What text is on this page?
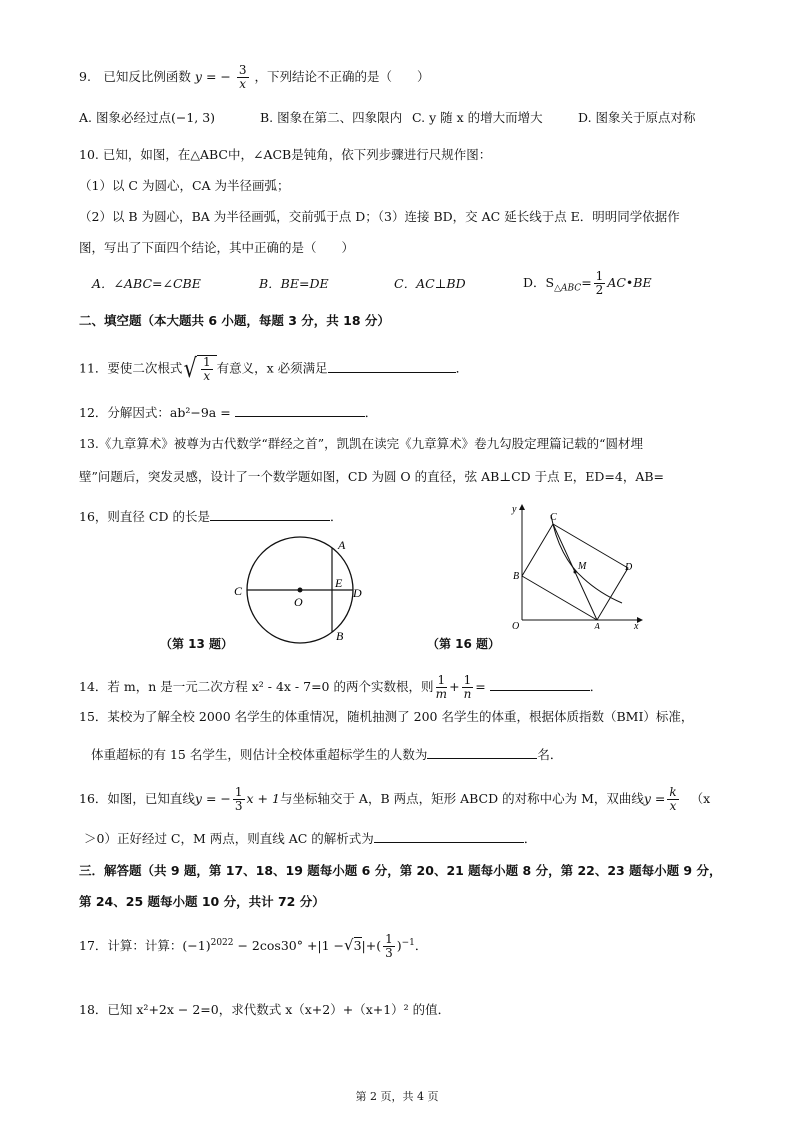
9.　已知反比例函数 y = − $\frac{3}{x}$ ，下列结论不正确的是（　　）
A. 图象必经过点(−1, 3)	B. 图象在第二、四象限内 C. y 随 x 的增大而增大	D. 图象关于原点对称
10. 已知，如图，在△ABC中，∠ACB是钝角，依下列步骤进行尺规作图：
（1）以 C 为圆心，CA 为半径画弧；
（2）以 B 为圆心，BA 为半径画弧，交前弧于点 D；（3）连接 BD，交 AC 延长线于点 E．明明同学依据作
图，写出了下面四个结论，其中正确的是（　　）
A．∠ABC=∠CBE	B．BE=DE	C．AC⊥BD	D．$S_{\triangle ABC}= \frac{1}{2}$ AC•BE
二、填空题（本大题共 6 小题，每题 3 分，共 18 分）
11．要使二次根式√ $\frac{1}{x}$ 有意义，x 必须满足	．
12．分解因式：ab²−9a =	．
13.《九章算术》被尊为古代数学“群经之首”，凯凯在读完《九章算术》卷九勾股定理篇记载的“圆材埋
壁”问题后，突发灵感，设计了一个数学题如图，CD 为圆 O 的直径，弦 AB⊥CD 于点 E，ED=4，AB=
16，则直径 CD 的长是	．
A
B
C	D
E
O
（第 13 题）
y
x
O	A
B
C
D
M
（第 16 题）
14．若 m，n 是一元二次方程 x² - 4x - 7=0 的两个实数根，则 $\frac{1}{m} + \frac{1}{n}$ =	．
15．某校为了解全校 2000 名学生的体重情况，随机抽测了 200 名学生的体重，根据体质指数（BMI）标准，
体重超标的有 15 名学生，则估计全校体重超标学生的人数为	名．
16．如图，已知直线y = − $\frac{1}{3}$ x + 1与坐标轴交于 A，B 两点，矩形 ABCD 的对称中心为 M，双曲线$y = \frac{k}{x} (x$
＞0）正好经过 C，M 两点，则直线 AC 的解析式为	．
三．解答题（共 9 题，第 17、18、19 题每小题 6 分，第 20、21 题每小题 8 分，第 22、23 题每小题 9 分，
第 24、25 题每小题 10 分，共计 72 分）
17．计算：计算：$(-1)^{2022} - 2\cos 30^\circ +|1 -√3|+( \frac{1}{3} )^{-1}$．
18．已知 x²+2x − 2=0，求代数式 x（x+2）+（x+1）² 的值．
第 2 页，共 4 页
